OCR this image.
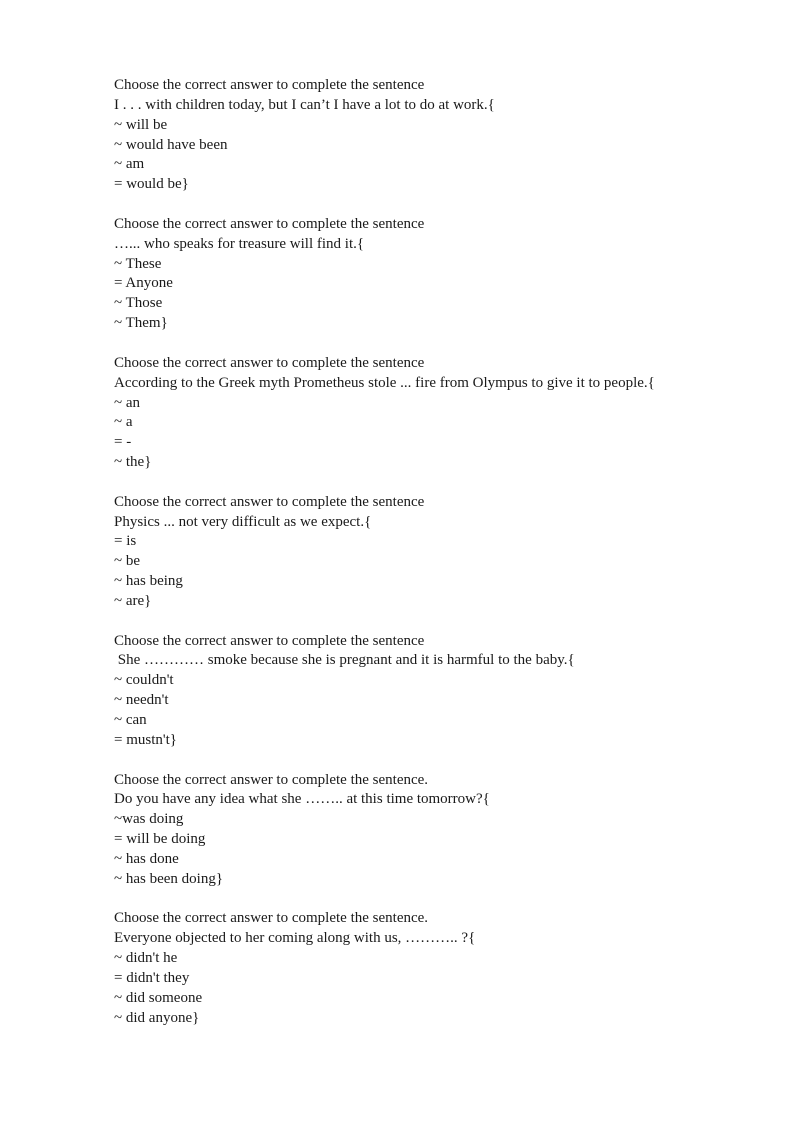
Choose the correct answer to complete the sentence
I . . . with children today, but I can’t I have a lot to do at work.{
~ will be
~ would have been
~ am
= would be}
Choose the correct answer to complete the sentence
…... who speaks for treasure will find it.{
~ These
= Anyone
~ Those
~ Them}
Choose the correct answer to complete the sentence
According to the Greek myth Prometheus stole ... fire from Olympus to give it to people.{
~ an
~ a
= -
~ the}
Choose the correct answer to complete the sentence
Physics ... not very difficult as we expect.{
= is
~ be
~ has being
~ are}
Choose the correct answer to complete the sentence
She ………… smoke because she is pregnant and it is harmful to the baby.{
~ couldn't
~ needn't
~ can
= mustn't}
Choose the correct answer to complete the sentence.
Do you have any idea what she …….. at this time tomorrow?{
~was doing
= will be doing
~ has done
~ has been doing}
Choose the correct answer to complete the sentence.
Everyone objected to her coming along with us, ……….. ?{
~ didn't he
= didn't they
~ did someone
~ did anyone}
